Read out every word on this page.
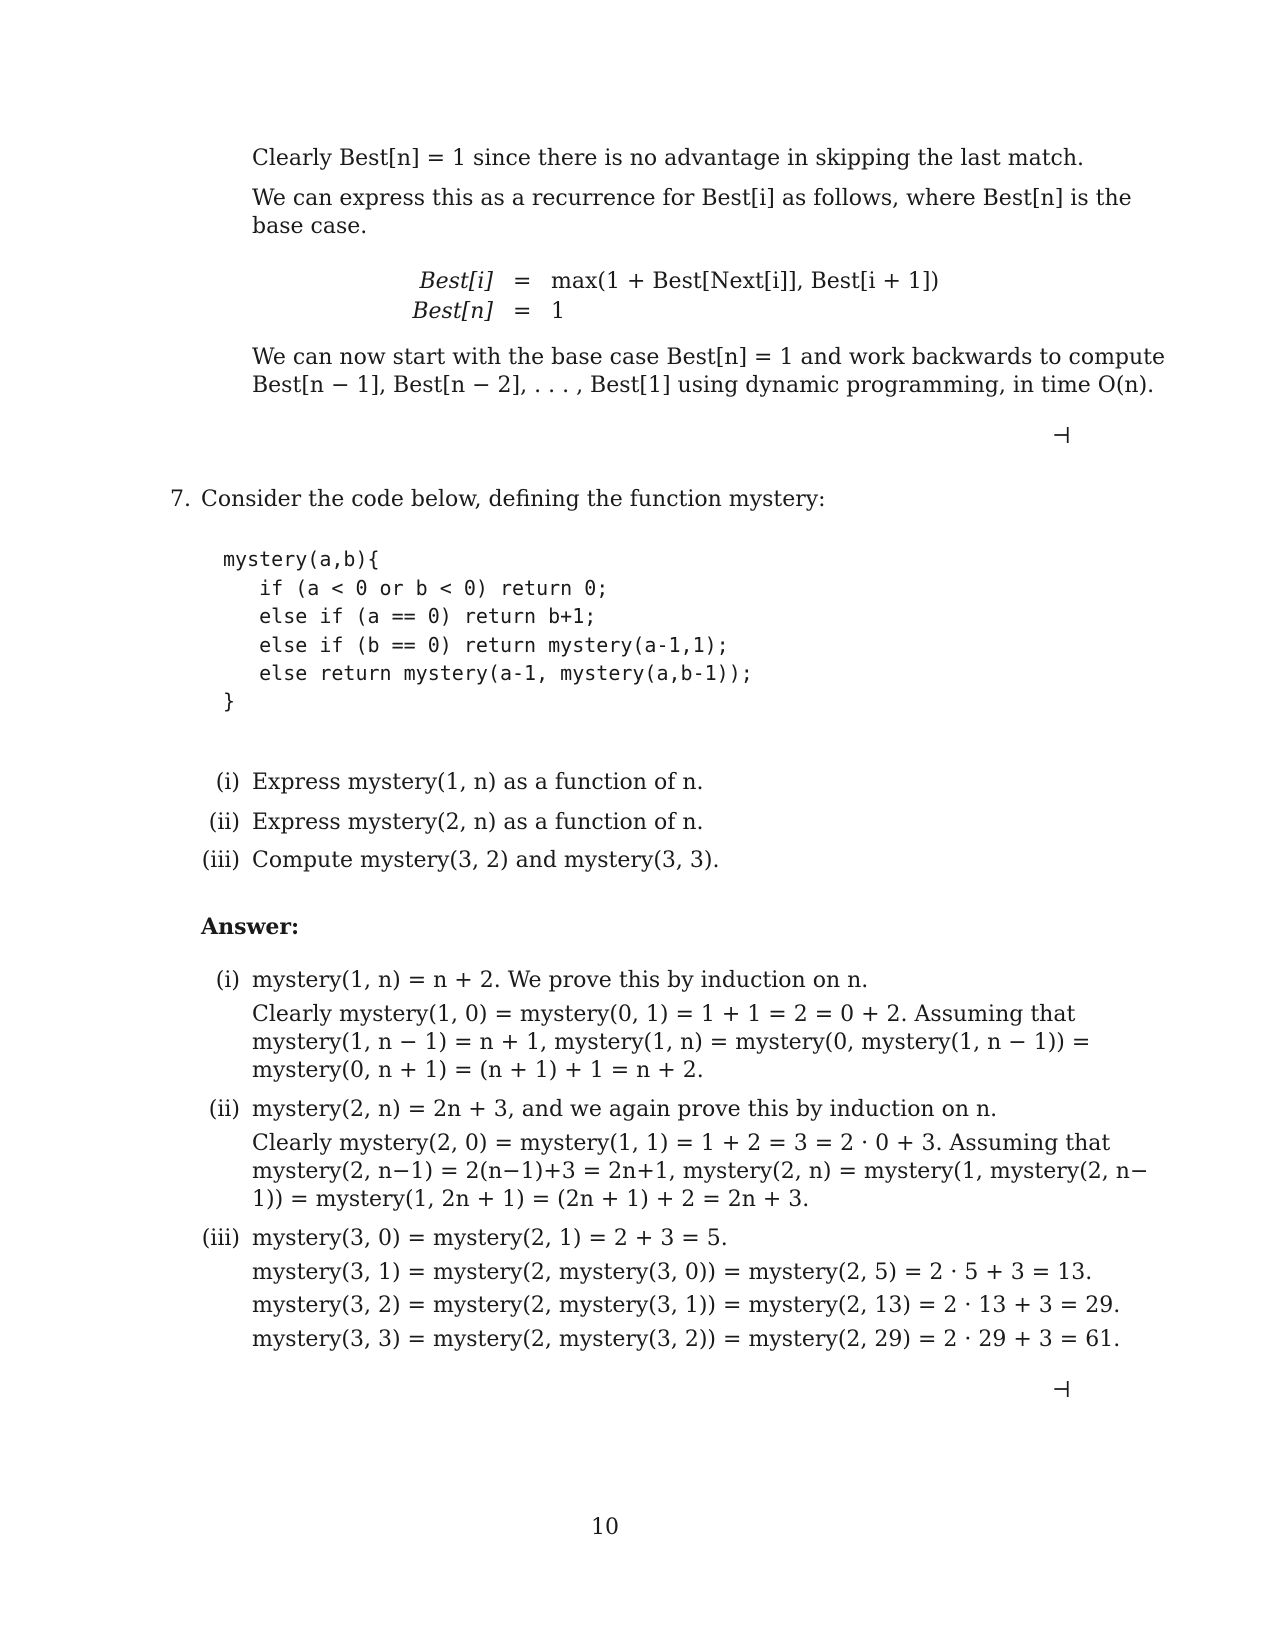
Clearly Best[n] = 1 since there is no advantage in skipping the last match.
We can express this as a recurrence for Best[i] as follows, where Best[n] is the
base case.
Best[i] = max(1 + Best[Next[i]], Best[i + 1])
Best[n] = 1
We can now start with the base case Best[n] = 1 and work backwards to compute
Best[n − 1], Best[n − 2], . . . , Best[1] using dynamic programming, in time O(n).
⊣
7. Consider the code below, defining the function mystery:
mystery(a,b){
if (a < 0 or b < 0) return 0;
else if (a == 0) return b+1;
else if (b == 0) return mystery(a-1,1);
else return mystery(a-1, mystery(a,b-1));
}
(i) Express mystery(1, n) as a function of n.
(ii) Express mystery(2, n) as a function of n.
(iii) Compute mystery(3, 2) and mystery(3, 3).
Answer:
(i) mystery(1, n) = n + 2. We prove this by induction on n.
Clearly mystery(1, 0) = mystery(0, 1) = 1 + 1 = 2 = 0 + 2. Assuming that
mystery(1, n − 1) = n + 1, mystery(1, n) = mystery(0, mystery(1, n − 1)) =
mystery(0, n + 1) = (n + 1) + 1 = n + 2.
(ii) mystery(2, n) = 2n + 3, and we again prove this by induction on n.
Clearly mystery(2, 0) = mystery(1, 1) = 1 + 2 = 3 = 2 · 0 + 3. Assuming that
mystery(2, n−1) = 2(n−1)+3 = 2n+1, mystery(2, n) = mystery(1, mystery(2, n−
1)) = mystery(1, 2n + 1) = (2n + 1) + 2 = 2n + 3.
(iii) mystery(3, 0) = mystery(2, 1) = 2 + 3 = 5.
mystery(3, 1) = mystery(2, mystery(3, 0)) = mystery(2, 5) = 2 · 5 + 3 = 13.
mystery(3, 2) = mystery(2, mystery(3, 1)) = mystery(2, 13) = 2 · 13 + 3 = 29.
mystery(3, 3) = mystery(2, mystery(3, 2)) = mystery(2, 29) = 2 · 29 + 3 = 61.
⊣
10
